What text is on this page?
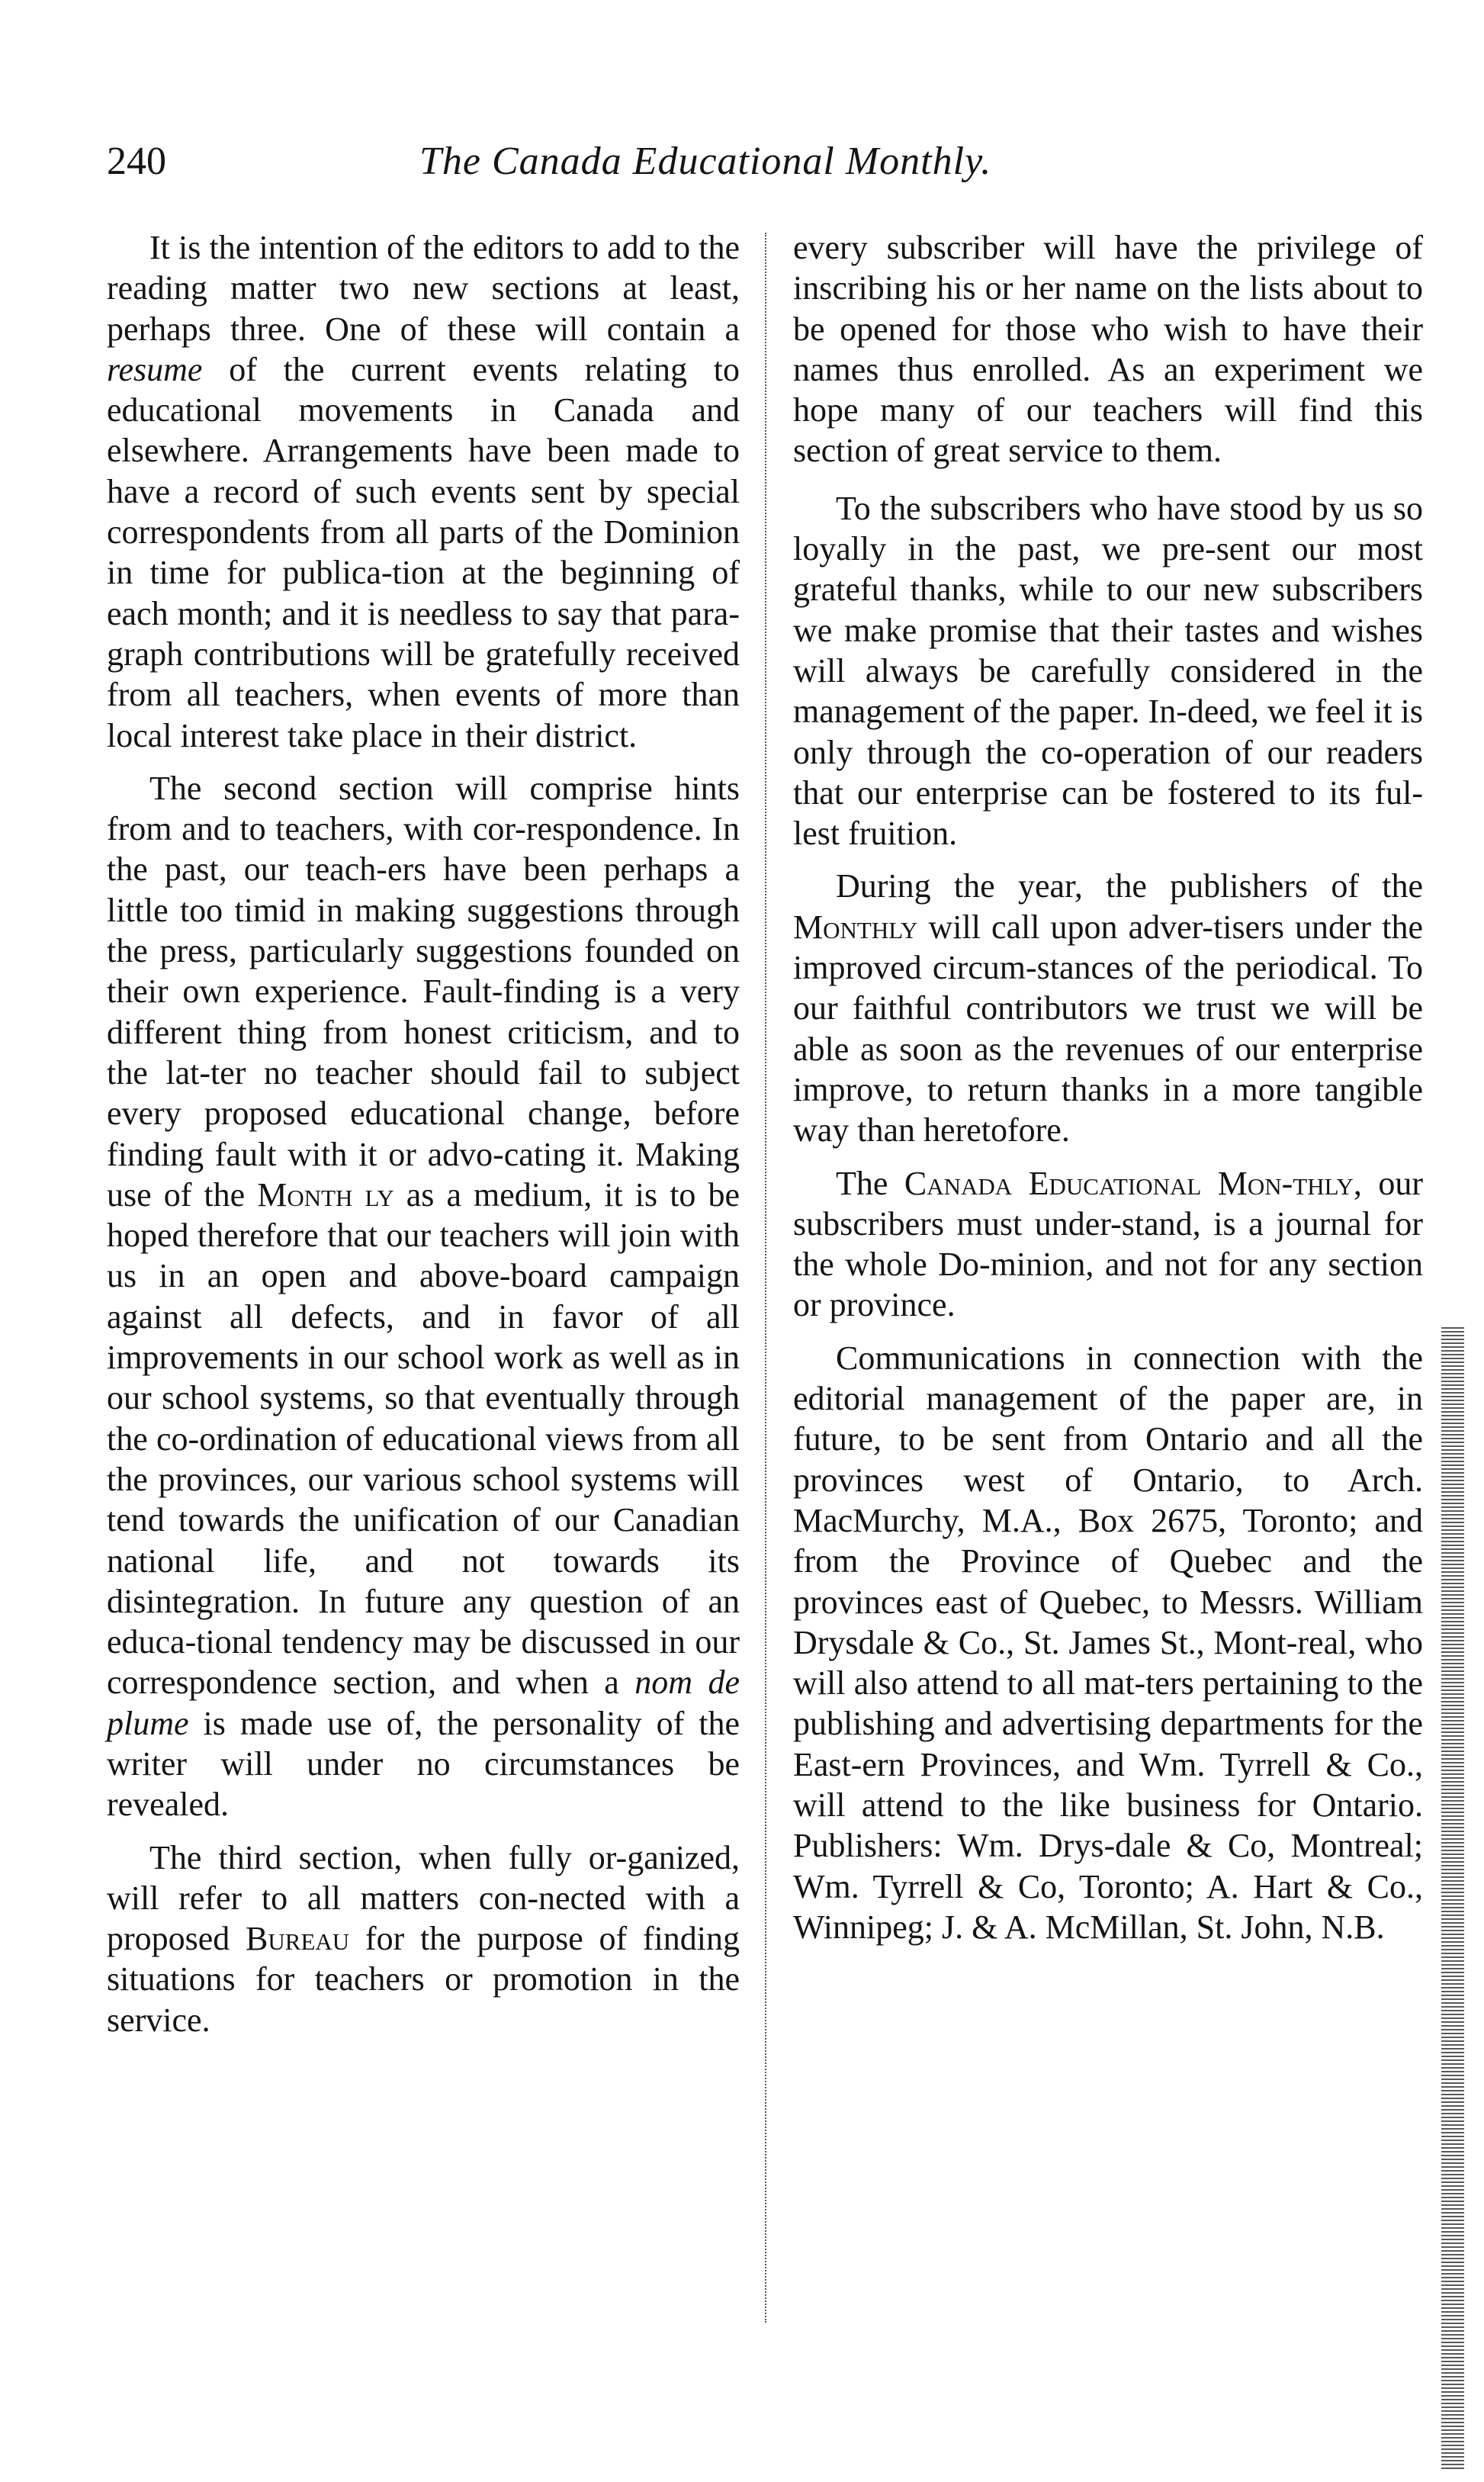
240	The Canada Educational Monthly.

It is the intention of the editors to add to the reading matter two new sections at least, perhaps three. One of these will contain a resume of the current events relating to educational movements in Canada and elsewhere. Arrangements have been made to have a record of such events sent by special correspondents from all parts of the Dominion in time for publica-tion at the beginning of each month; and it is needless to say that para-graph contributions will be gratefully received from all teachers, when events of more than local interest take place in their district.

The second section will comprise hints from and to teachers, with cor-respondence. In the past, our teach-ers have been perhaps a little too timid in making suggestions through the press, particularly suggestions founded on their own experience. Fault-finding is a very different thing from honest criticism, and to the lat-ter no teacher should fail to subject every proposed educational change, before finding fault with it or advo-cating it. Making use of the Month ly as a medium, it is to be hoped therefore that our teachers will join with us in an open and above-board campaign against all defects, and in favor of all improvements in our school work as well as in our school systems, so that eventually through the co-ordination of educational views from all the provinces, our various school systems will tend towards the unification of our Canadian national life, and not towards its disintegration. In future any question of an educa-tional tendency may be discussed in our correspondence section, and when a nom de plume is made use of, the personality of the writer will under no circumstances be revealed.

The third section, when fully or-ganized, will refer to all matters con-nected with a proposed Bureau for the purpose of finding situations for teachers or promotion in the service.

every subscriber will have the privilege of inscribing his or her name on the lists about to be opened for those who wish to have their names thus enrolled. As an experiment we hope many of our teachers will find this section of great service to them.

To the subscribers who have stood by us so loyally in the past, we pre-sent our most grateful thanks, while to our new subscribers we make promise that their tastes and wishes will always be carefully considered in the management of the paper. In-deed, we feel it is only through the co-operation of our readers that our enterprise can be fostered to its ful-lest fruition.

During the year, the publishers of the Monthly will call upon adver-tisers under the improved circum-stances of the periodical. To our faithful contributors we trust we will be able as soon as the revenues of our enterprise improve, to return thanks in a more tangible way than heretofore.

The Canada Educational Mon-thly, our subscribers must under-stand, is a journal for the whole Do-minion, and not for any section or province.

Communications in connection with the editorial management of the paper are, in future, to be sent from Ontario and all the provinces west of Ontario, to Arch. MacMurchy, M.A., Box 2675, Toronto; and from the Province of Quebec and the provinces east of Quebec, to Messrs. William Drysdale & Co., St. James St., Mont-real, who will also attend to all mat-ters pertaining to the publishing and advertising departments for the East-ern Provinces, and Wm. Tyrrell & Co., will attend to the like business for Ontario. Publishers: Wm. Drys-dale & Co, Montreal; Wm. Tyrrell & Co, Toronto; A. Hart & Co., Winnipeg; J. & A. McMillan, St. John, N.B.
